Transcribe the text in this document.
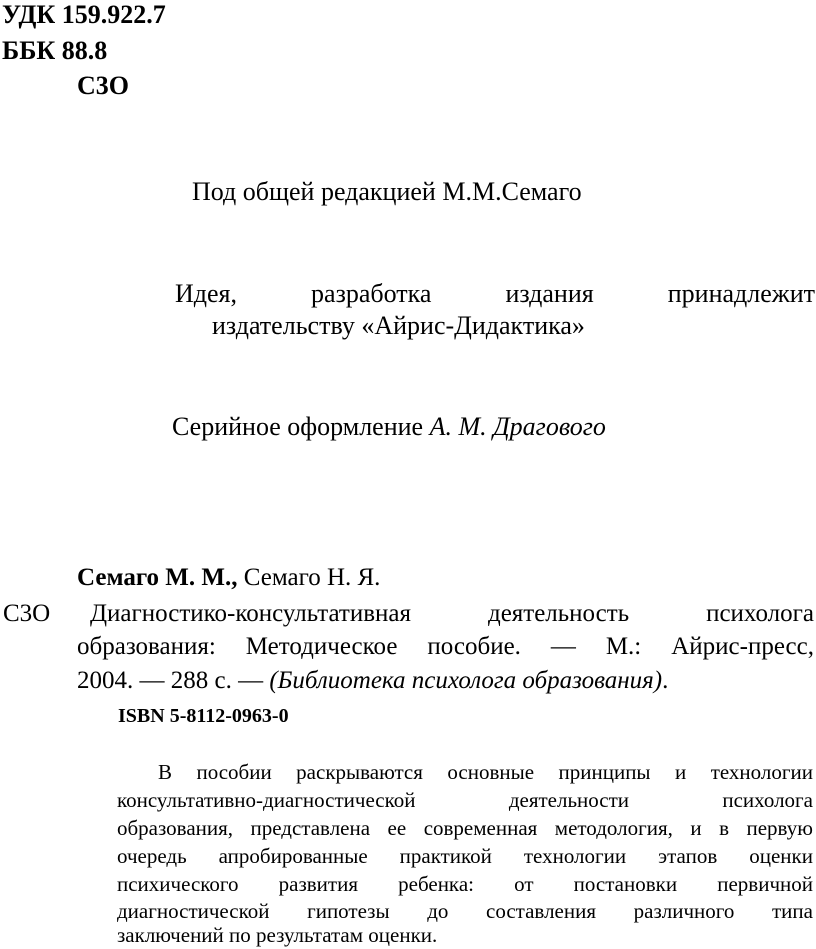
УДК 159.922.7
ББК 88.8
С3О
Под общей редакцией М.М.Семаго
Идея,	разработка	издания	принадлежит
издательству «Айрис-Дидактика»
Серийное оформление А. М. Драгового
Семаго М. М., Семаго Н. Я.
С3О Диагностико-консультативная	деятельность	психолога
образования: Методическое пособие. — М.: Айрис-пресс,
2004. — 288 с. — (Библиотека психолога образования).
ISBN 5-8112-0963-0
В пособии раскрываются основные принципы и технологии
консультативно-диагностической	деятельности	психолога
образования, представлена ее современная методология, и в первую
очередь апробированные практикой технологии этапов оценки
психического развития ребенка: от постановки первичной
диагностической гипотезы до составления различного типа
заключений по результатам оценки.
